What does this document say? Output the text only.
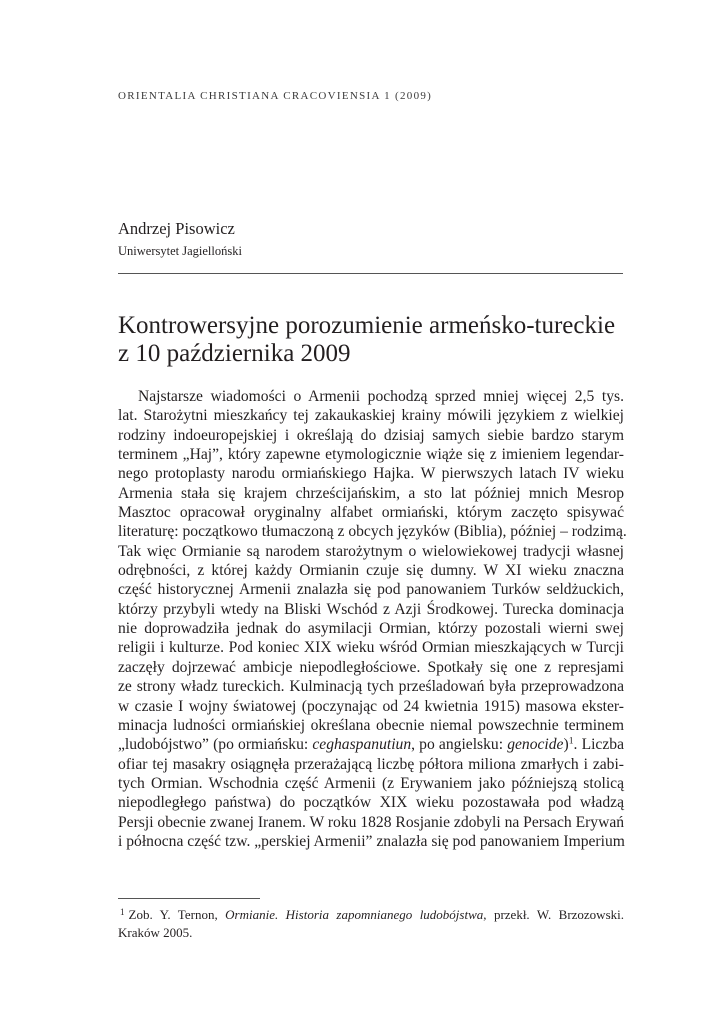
ORIENTALIA CHRISTIANA CRACOVIENSIA 1 (2009)
Andrzej Pisowicz
Uniwersytet Jagielloński
Kontrowersyjne porozumienie armeńsko-tureckie
z 10 października 2009
Najstarsze wiadomości o Armenii pochodzą sprzed mniej więcej 2,5 tys.
lat. Starożytni mieszkańcy tej zakaukaskiej krainy mówili językiem z wielkiej
rodziny indoeuropejskiej i określają do dzisiaj samych siebie bardzo starym
terminem „Haj”, który zapewne etymologicznie wiąże się z imieniem legendar-
nego protoplasty narodu ormiańskiego Hajka. W pierwszych latach IV wieku
Armenia stała się krajem chrześcijańskim, a sto lat później mnich Mesrop
Masztoc opracował oryginalny alfabet ormiański, którym zaczęto spisywać
literaturę: początkowo tłumaczoną z obcych języków (Biblia), później – rodzimą.
Tak więc Ormianie są narodem starożytnym o wielowiekowej tradycji własnej
odrębności, z której każdy Ormianin czuje się dumny. W XI wieku znaczna
część historycznej Armenii znalazła się pod panowaniem Turków seldżuckich,
którzy przybyli wtedy na Bliski Wschód z Azji Środkowej. Turecka dominacja
nie doprowadziła jednak do asymilacji Ormian, którzy pozostali wierni swej
religii i kulturze. Pod koniec XIX wieku wśród Ormian mieszkających w Turcji
zaczęły dojrzewać ambicje niepodległościowe. Spotkały się one z represjami
ze strony władz tureckich. Kulminacją tych prześladowań była przeprowadzona
w czasie I wojny światowej (poczynając od 24 kwietnia 1915) masowa ekster-
minacja ludności ormiańskiej określana obecnie niemal powszechnie terminem
„ludobójstwo” (po ormiańsku: ceghaspanutiun, po angielsku: genocide)$^1$. Liczba
ofiar tej masakry osiągnęła przerażającą liczbę półtora miliona zmarłych i zabi-
tych Ormian. Wschodnia część Armenii (z Erywaniem jako późniejszą stolicą
niepodległego państwa) do początków XIX wieku pozostawała pod władzą
Persji obecnie zwanej Iranem. W roku 1828 Rosjanie zdobyli na Persach Erywań
i północna część tzw. „perskiej Armenii” znalazła się pod panowaniem Imperium
$^1$ Zob. Y. Ternon, Ormianie. Historia zapomnianego ludobójstwa, przekł. W. Brzozowski.
Kraków 2005.
